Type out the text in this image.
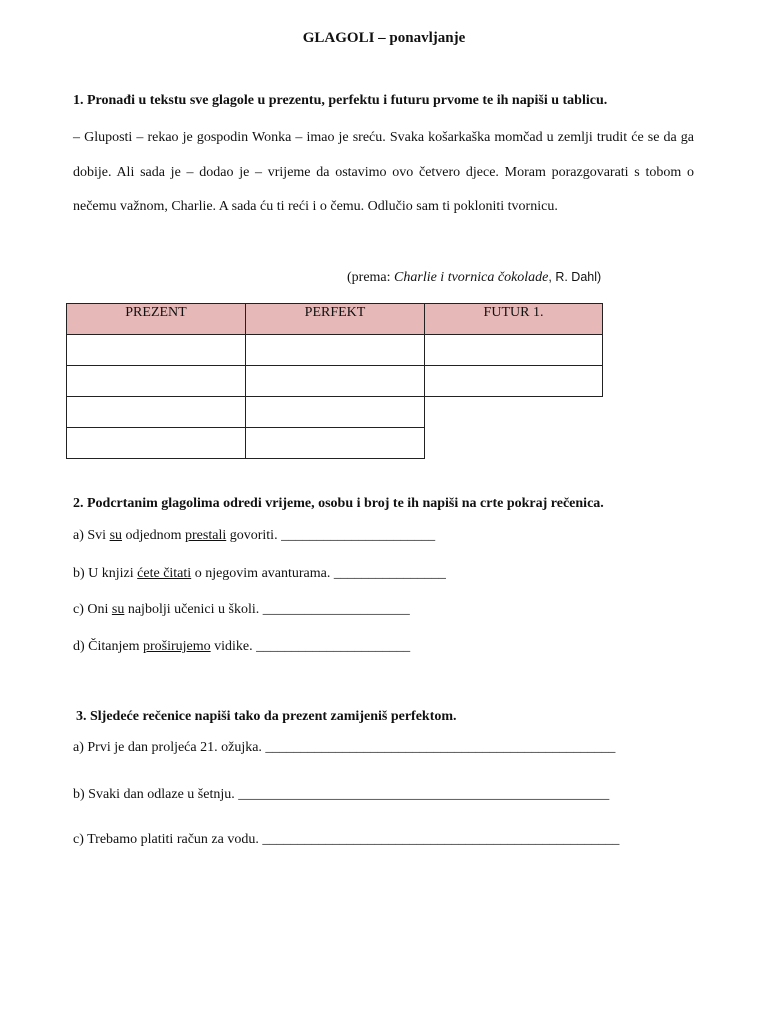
GLAGOLI – ponavljanje
1. Pronađi u tekstu sve glagole u prezentu, perfektu i futuru prvome te ih napiši u tablicu.
– Gluposti – rekao je gospodin Wonka – imao je sreću. Svaka košarkaška momčad u zemlji trudit će se da ga dobije. Ali sada je – dodao je – vrijeme da ostavimo ovo četvero djece. Moram porazgovarati s tobom o nečemu važnom, Charlie. A sada ću ti reći i o čemu. Odlučio sam ti pokloniti tvornicu.
(prema: Charlie i tvornica čokolade, R. Dahl)
PREZENT	PERFEKT	FUTUR 1.

2. Podcrtanim glagolima odredi vrijeme, osobu i broj te ih napiši na crte pokraj rečenica.
a) Svi su odjednom prestali govoriti. ______________________
b) U knjizi ćete čitati o njegovim avanturama. ________________
c) Oni su najbolji učenici u školi. _____________________
d) Čitanjem proširujemo vidike. ______________________
3. Sljedeće rečenice napiši tako da prezent zamijeniš perfektom.
a) Prvi je dan proljeća 21. ožujka. __________________________________________________
b) Svaki dan odlaze u šetnju. _____________________________________________________
c) Trebamo platiti račun za vodu. ___________________________________________________
